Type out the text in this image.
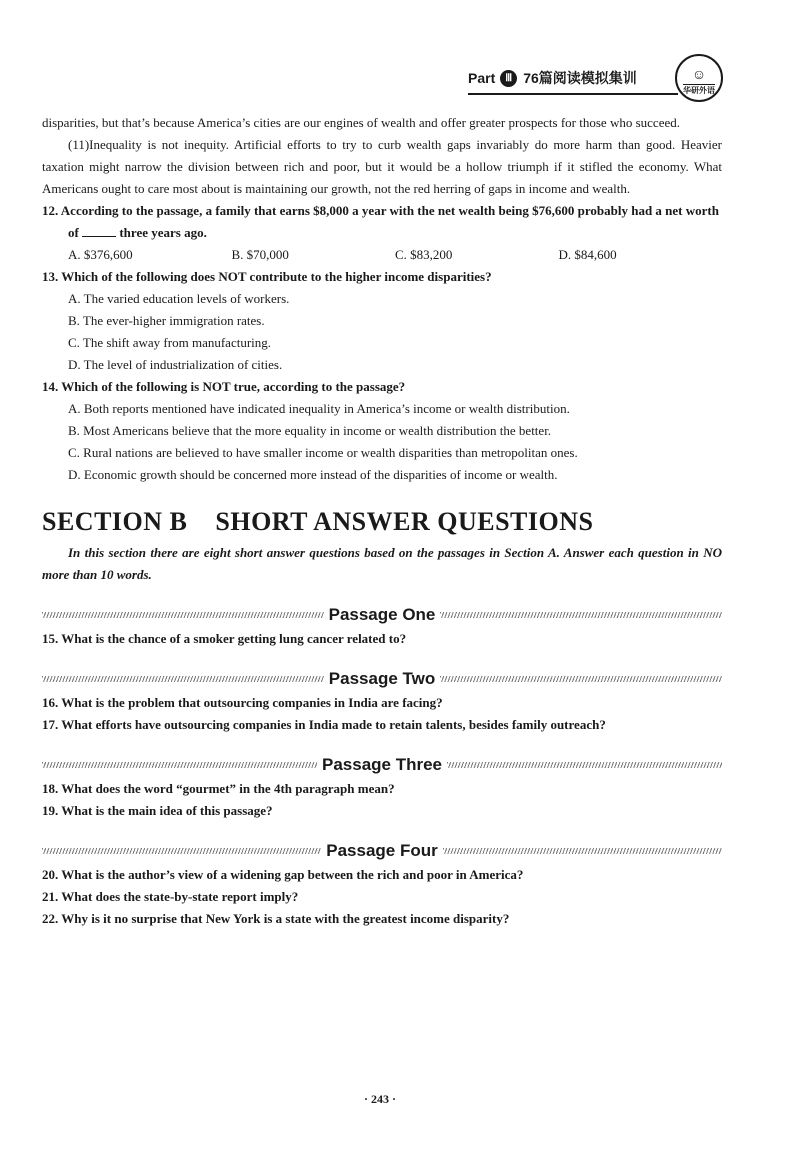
Part	Ⅲ 76篇阅读模拟集训	☺
华研外语

disparities, but that’s because America’s cities are our engines of wealth and offer greater prospects for those who succeed.

(11)Inequality is not inequity. Artificial efforts to try to curb wealth gaps invariably do more harm than good. Heavier taxation might narrow the division between rich and poor, but it would be a hollow triumph if it stifled the economy. What Americans ought to care most about is maintaining our growth, not the red herring of gaps in income and wealth.

12. According to the passage, a family that earns $8,000 a year with the net wealth being $76,600 probably had a net worth of	three years ago.

A. $376,600	B. $70,000	C. $83,200	D. $84,600

13. Which of the following does NOT contribute to the higher income disparities?

A. The varied education levels of workers.
B. The ever-higher immigration rates.
C. The shift away from manufacturing.
D. The level of industrialization of cities.

14. Which of the following is NOT true, according to the passage?

A. Both reports mentioned have indicated inequality in America’s income or wealth distribution.
B. Most Americans believe that the more equality in income or wealth distribution the better.
C. Rural nations are believed to have smaller income or wealth disparities than metropolitan ones.
D. Economic growth should be concerned more instead of the disparities of income or wealth.
SECTION B SHORT ANSWER QUESTIONS

In this section there are eight short answer questions based on the passages in Section A. Answer each question in NO more than 10 words.

Passage One

15. What is the chance of a smoker getting lung cancer related to?

Passage Two

16. What is the problem that outsourcing companies in India are facing?

17. What efforts have outsourcing companies in India made to retain talents, besides family outreach?

Passage Three

18. What does the word “gourmet” in the 4th paragraph mean?

19. What is the main idea of this passage?

Passage Four

20. What is the author’s view of a widening gap between the rich and poor in America?

21. What does the state-by-state report imply?

22. Why is it no surprise that New York is a state with the greatest income disparity?

· 243 ·
